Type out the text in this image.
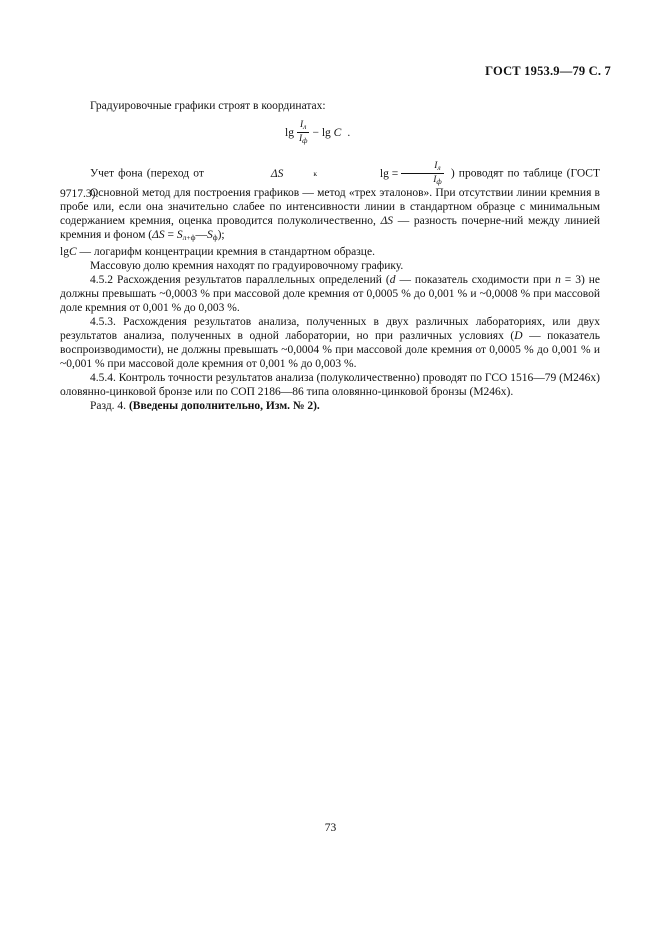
ГОСТ 1953.9—79 С. 7

Градуировочные графики строят в координатах:

$\lg \frac{I_л}{I_ф} - \lg$
C .

Учет фона (переход от	ΔS	к
	$\lg = \frac{I_л}{I_ф}$ ) проводят по таблице (ГОСТ 9717.3).

Основной метод для построения графиков — метод «трех эталонов». При отсутствии линии кремния в пробе или, если она значительно слабее по интенсивности линии в стандартном образце с минимальным содержанием кремния, оценка проводится полуколичественно, ΔS — разность почерне-ний между линией кремния и фоном $(\Delta S = S_{л+ф}—S_ф)$;

lgC — логарифм концентрации кремния в стандартном образце.

Массовую долю кремния находят по градуировочному графику.

4.5.2 Расхождения результатов параллельных определений (d — показатель сходимости при n = 3) не должны превышать ~0,0003 % при массовой доле кремния от 0,0005 % до 0,001 % и ~0,0008 % при массовой доле кремния от 0,001 % до 0,003 %.

4.5.3. Расхождения результатов анализа, полученных в двух различных лабораториях, или двух результатов анализа, полученных в одной лаборатории, но при различных условиях (D — показатель воспроизводимости), не должны превышать ~0,0004 % при массовой доле кремния от 0,0005 % до 0,001 % и ~0,001 % при массовой доле кремния от 0,001 % до 0,003 %.

4.5.4. Контроль точности результатов анализа (полуколичественно) проводят по ГСО 1516—79 (М246х) оловянно-цинковой бронзе или по СОП 2186—86 типа оловянно-цинковой бронзы (М246х).

Разд. 4. (Введены дополнительно, Изм. № 2).

73
